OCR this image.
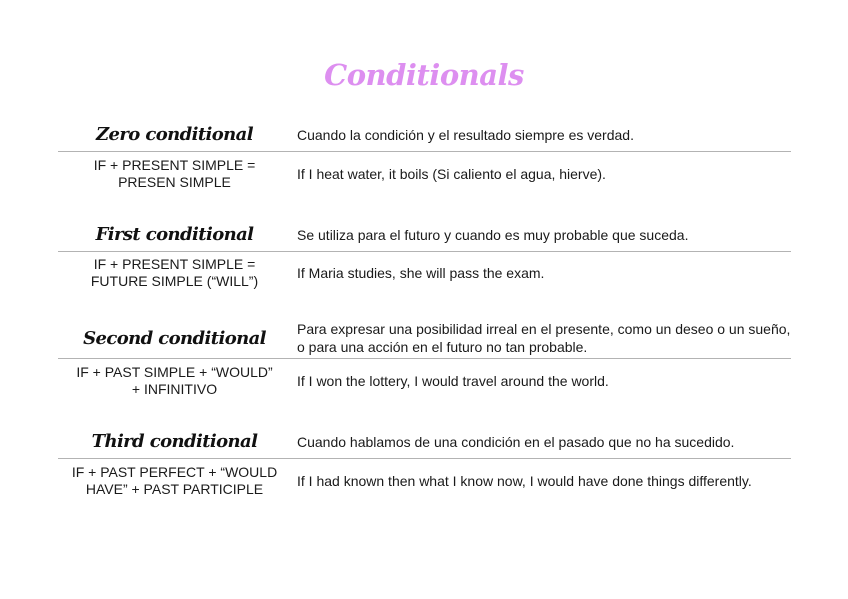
Conditionals
Zero conditional	Cuando la condición y el resultado siempre es verdad.
IF + PRESENT SIMPLE =
PRESEN SIMPLE	If I heat water, it boils (Si caliento el agua, hierve).
First conditional	Se utiliza para el futuro y cuando es muy probable que suceda.
IF + PRESENT SIMPLE =
FUTURE SIMPLE (“WILL”)	If Maria studies, she will pass the exam.
Second conditional	Para expresar una posibilidad irreal en el presente, como un deseo o un sueño, o para una acción en el futuro no tan probable.
IF + PAST SIMPLE + “WOULD”
+ INFINITIVO	If I won the lottery, I would travel around the world.
Third conditional	Cuando hablamos de una condición en el pasado que no ha sucedido.
IF + PAST PERFECT + “WOULD
HAVE” + PAST PARTICIPLE	If I had known then what I know now, I would have done things differently.
